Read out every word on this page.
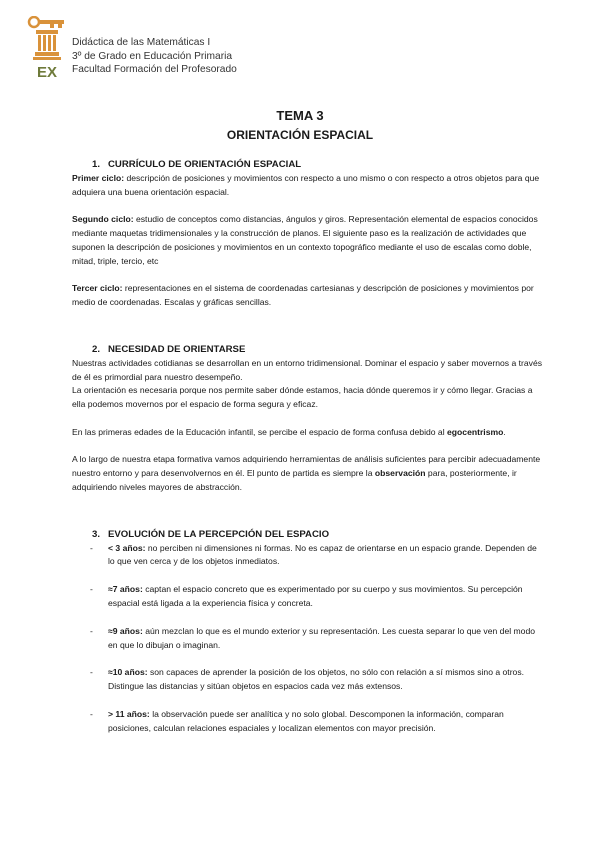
EX
Didáctica de las Matemáticas I
3º de Grado en Educación Primaria
Facultad Formación del Profesorado
TEMA 3
ORIENTACIÓN ESPACIAL
1. CURRÍCULO DE ORIENTACIÓN ESPACIAL

Primer ciclo: descripción de posiciones y movimientos con respecto a uno mismo o con respecto a otros objetos para que adquiera una buena orientación espacial.

Segundo ciclo: estudio de conceptos como distancias, ángulos y giros. Representación elemental de espacios conocidos mediante maquetas tridimensionales y la construcción de planos. El siguiente paso es la realización de actividades que suponen la descripción de posiciones y movimientos en un contexto topográfico mediante el uso de escalas como doble, mitad, triple, tercio, etc

Tercer ciclo: representaciones en el sistema de coordenadas cartesianas y descripción de posiciones y movimientos por medio de coordenadas. Escalas y gráficas sencillas.

2. NECESIDAD DE ORIENTARSE

Nuestras actividades cotidianas se desarrollan en un entorno tridimensional. Dominar el espacio y saber movernos a través de él es primordial para nuestro desempeño.

La orientación es necesaria porque nos permite saber dónde estamos, hacia dónde queremos ir y cómo llegar. Gracias a ella podemos movernos por el espacio de forma segura y eficaz.

En las primeras edades de la Educación infantil, se percibe el espacio de forma confusa debido al egocentrismo.

A lo largo de nuestra etapa formativa vamos adquiriendo herramientas de análisis suficientes para percibir adecuadamente nuestro entorno y para desenvolvernos en él. El punto de partida es siempre la observación para, posteriormente, ir adquiriendo niveles mayores de abstracción.

3. EVOLUCIÓN DE LA PERCEPCIÓN DEL ESPACIO
- < 3 años: no perciben ni dimensiones ni formas. No es capaz de orientarse en un espacio grande. Dependen de lo que ven cerca y de los objetos inmediatos.
- ≈7 años: captan el espacio concreto que es experimentado por su cuerpo y sus movimientos. Su percepción espacial está ligada a la experiencia física y concreta.
- ≈9 años: aún mezclan lo que es el mundo exterior y su representación. Les cuesta separar lo que ven del modo en que lo dibujan o imaginan.
- ≈10 años: son capaces de aprender la posición de los objetos, no sólo con relación a sí mismos sino a otros. Distingue las distancias y sitúan objetos en espacios cada vez más extensos.
- > 11 años: la observación puede ser analítica y no solo global. Descomponen la información, comparan posiciones, calculan relaciones espaciales y localizan elementos con mayor precisión.
